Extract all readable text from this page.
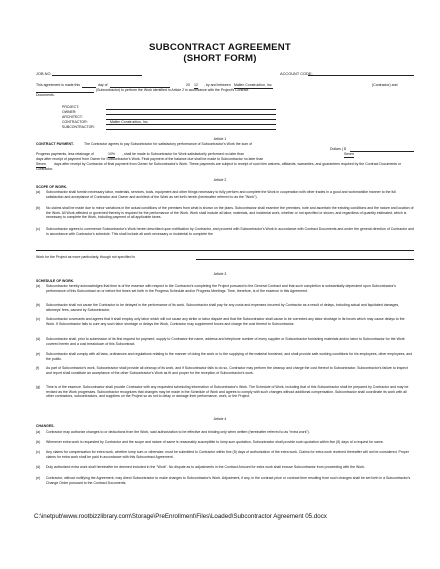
SUBCONTRACT AGREEMENT
(SHORT FORM)
JOB NO.	ACCOUNT CODE:
This agreement is made this	day of	20 12 , by and between Mallen Construction, Inc.	(Contractor) and
(Subcontractor) to perform the Work identified in Article 2 in accordance with the Project's Contract
Documents.
PROJECT:
OWNER:
ARCHITECT:
CONTRACTOR:	Mallen Construction, Inc.
SUBCONTRACTOR:
Article 1
CONTRACT PAYMENT.	The Contractor agrees to pay Subcontractor for satisfactory performance of Subcontractor's Work the sum of
Dollars ( $
Progress payments, less retainage of	10% , shall be made to Subcontractor for Work satisfactorily performed no later than	Seven
days after receipt of payment from Owner for Subcontractor's Work. Final payment of the balance due shall be made to Subcontractor no later than
Seven	days after receipt by Contractor of final payment from Owner for Subcontractor's Work. These payments are subject to receipt of such lien waivers, affidavits, warranties, and guarantees required by the Contract Documents or Contractor.
Article 2
SCOPE OF WORK.
(a) Subcontractor shall furnish necessary labor, materials, services, tools, equipment and other things necessary to fully perform and complete the Work in cooperation with other trades in a good and workmanlike manner to the full satisfaction and acceptance of Contractor and Owner and architect of the Work as set forth herein (hereinafter referred to as the "Work").
(b) No claims shall be made due to minor variations in the actual conditions of the premises from what is shown on the plans. Subcontractor shall examine the premises, note and ascertain the existing conditions and the nature and location of the Work. All Work affected or governed thereby is required for the performance of the Work. Work shall include all labor, materials, and incidental work, whether or not specified or shown, and regardless of quantity estimated, which is necessary to complete the Work, including payment of all applicable taxes.
(c) Subcontractor agrees to commence Subcontractor's Work herein described upon notification by Contractor, and proceed with Subcontractor's Work in accordance with Contract Documents and under the general direction of Contractor and in accordance with Contractor's schedule. This shall include all work necessary or incidental to complete the
Work for the Project as more particularly, though not specified in
Article 3
SCHEDULE OF WORK.
(a) Subcontractor hereby acknowledges that time is of the essence with respect to the Contractor's completing the Project pursuant to the General Contract and that such completion is substantially dependent upon Subcontractor's performance of this Subcontract on or before the times set forth in the Progress Schedule and/or Progress Meetings. Time, therefore, is of the essence in this Agreement.
(b) Subcontractor shall not cause the Contractor to be delayed in the performance of its work. Subcontractor shall pay for any costs and expenses incurred by Contractor as a result of delays, including actual and liquidated damages, attorneys' fees, caused by Subcontractor.
(c) Subcontractor covenants and agrees that it shall employ only labor which will not cause any strike or labor dispute and that the Subcontractor shall cause to be corrected any labor shortage in its forces which may cause delays to the Work. If Subcontractor fails to cure any such labor shortage or delays the Work, Contractor may supplement forces and charge the cost thereof to Subcontractor.
(d) Subcontractor shall, prior to submission of its first request for payment, supply to Contractor the name, address and telephone number of every supplier or Subcontractor furnishing materials and/or labor to Subcontractor for the Work covered herein and a cost breakdown of this Subcontract.
(e) Subcontractor shall comply with all laws, ordinances and regulations relating to the manner of doing the work or to the supplying of the material furnished, and shall provide safe working conditions for his employees, other employees, and the public.
(f) As part of Subcontractor's work, Subcontractor shall provide all cleanup of its work, and if Subcontractor fails to do so, Contractor may perform the cleanup and charge the cost thereof to Subcontractor. Subcontractor's failure to inspect and report shall constitute an acceptance of the other Subcontractor's Work as fit and proper for the reception of Subcontractor's work.
(g) Time is of the essence. Subcontractor shall provide Contractor with any requested scheduling information of Subcontractor's Work. The Schedule of Work, including that of this Subcontractor shall be prepared by Contractor and may be revised as the Work progresses. Subcontractor recognizes that changes may be made in the Schedule of Work and agrees to comply with such changes without additional compensation. Subcontractor shall coordinate its work with all other contractors, subcontractors, and suppliers on the Project so as not to delay or damage their performance, work, or the Project.
Article 4
CHANGES.
(a) Contractor may authorize changes to or deductions from the Work, said authorization to be effective and binding only when written (hereinafter referred to as "extra work").
(b) Whenever extra work is requested by Contractor and the scope and nature of same is reasonably susceptible to lump sum quotation, Subcontractor shall provide such quotation within five (5) days of a request for same.
(c) Any claims for compensation for extra work, whether lump sum or otherwise, must be submitted to Contractor within five (5) days of authorization of the extra work. Claims for extra work received thereafter will not be considered. Proper claims for extra work shall be paid in accordance with this Subcontract Agreement.
(d) Duly authorized extra work shall hereinafter be deemed included in the "Work". No dispute as to adjustments in the Contract Amount for extra work shall excuse Subcontractor from proceeding with the Work.
(e) Contractor, without nullifying the Agreement, may direct Subcontractor to make changes to Subcontractor's Work. Adjustment, if any, in the contract price or contract time resulting from such changes shall be set forth in a Subcontractor's Change Order pursuant to the Contract Documents.
C:\inetpub\www.rootbizzlibrary.com\Storage\PreEnrollment\Files\Loaded\Subcontractor Agreement 05.docx
